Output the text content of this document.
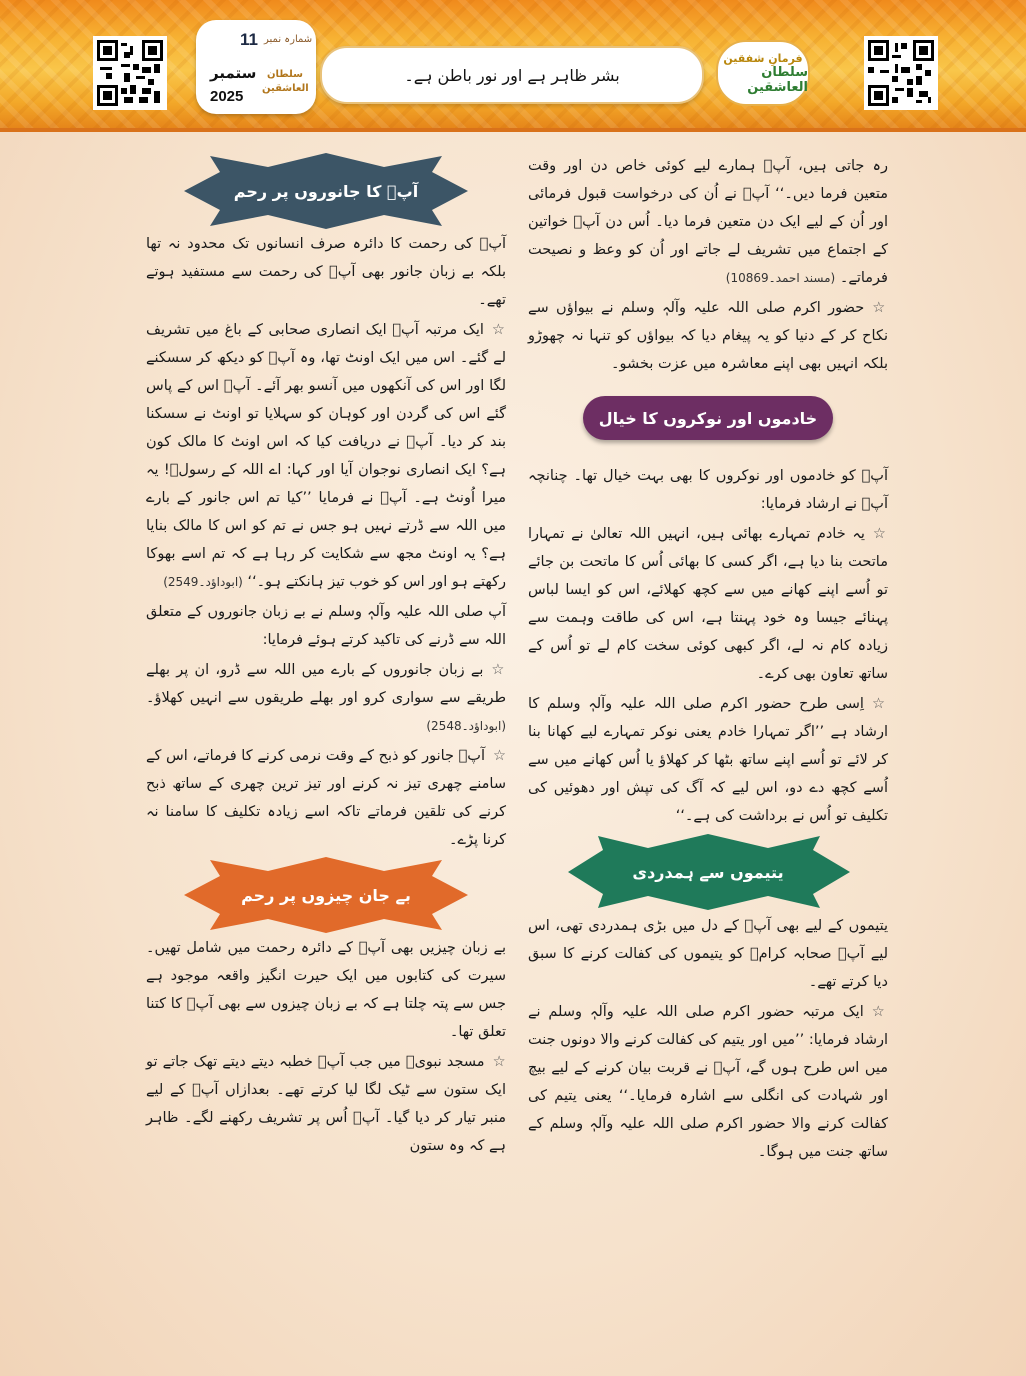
11 شمارہ نمبر
ستمبر
2025
سلطان العاشقین
بشر ظاہر ہے اور نور باطن ہے۔
فرمانِ شفقین
سلطان العاشقین

رہ جاتی ہیں، آپؐ ہمارے لیے کوئی خاص دن اور وقت متعین فرما دیں۔‘‘ آپؐ نے اُن کی درخواست قبول فرمائی اور اُن کے لیے ایک دن متعین فرما دیا۔ اُس دن آپؐ خواتین کے اجتماع میں تشریف لے جاتے اور اُن کو وعظ و نصیحت فرماتے۔ (مسند احمد۔10869)

☆حضور اکرم صلی اللہ علیہ وآلہٖ وسلم نے بیواؤں سے نکاح کر کے دنیا کو یہ پیغام دیا کہ بیواؤں کو تنہا نہ چھوڑو بلکہ انہیں بھی اپنے معاشرہ میں عزت بخشو۔

خادموں اور نوکروں کا خیال

آپؐ کو خادموں اور نوکروں کا بھی بہت خیال تھا۔ چنانچہ آپؐ نے ارشاد فرمایا:

☆یہ خادم تمہارے بھائی ہیں، انہیں اللہ تعالیٰ نے تمہارا ماتحت بنا دیا ہے، اگر کسی کا بھائی اُس کا ماتحت بن جائے تو اُسے اپنے کھانے میں سے کچھ کھلائے، اس کو ایسا لباس پہنائے جیسا وہ خود پہنتا ہے، اس کی طاقت وہمت سے زیادہ کام نہ لے، اگر کبھی کوئی سخت کام لے تو اُس کے ساتھ تعاون بھی کرے۔

☆اِسی طرح حضور اکرم صلی اللہ علیہ وآلہٖ وسلم کا ارشاد ہے ’’اگر تمہارا خادم یعنی نوکر تمہارے لیے کھانا بنا کر لائے تو اُسے اپنے ساتھ بٹھا کر کھلاؤ یا اُس کھانے میں سے اُسے کچھ دے دو، اس لیے کہ آگ کی تپش اور دھوئیں کی تکلیف تو اُس نے برداشت کی ہے۔‘‘

یتیموں سے ہمدردی

یتیموں کے لیے بھی آپؐ کے دل میں بڑی ہمدردی تھی، اس لیے آپؐ صحابہ کرامؓ کو یتیموں کی کفالت کرنے کا سبق دیا کرتے تھے۔

☆ایک مرتبہ حضور اکرم صلی اللہ علیہ وآلہٖ وسلم نے ارشاد فرمایا: ’’میں اور یتیم کی کفالت کرنے والا دونوں جنت میں اس طرح ہوں گے، آپؐ نے قربت بیان کرنے کے لیے بیچ اور شہادت کی انگلی سے اشارہ فرمایا۔‘‘ یعنی یتیم کی کفالت کرنے والا حضور اکرم صلی اللہ علیہ وآلہٖ وسلم کے ساتھ جنت میں ہوگا۔

آپؐ کا جانوروں پر رحم

آپؐ کی رحمت کا دائرہ صرف انسانوں تک محدود نہ تھا بلکہ بے زبان جانور بھی آپؐ کی رحمت سے مستفید ہوتے تھے۔

☆ایک مرتبہ آپؐ ایک انصاری صحابی کے باغ میں تشریف لے گئے۔ اس میں ایک اونٹ تھا، وہ آپؐ کو دیکھ کر سسکنے لگا اور اس کی آنکھوں میں آنسو بھر آئے۔ آپؐ اس کے پاس گئے اس کی گردن اور کوہان کو سہلایا تو اونٹ نے سسکنا بند کر دیا۔ آپؐ نے دریافت کیا کہ اس اونٹ کا مالک کون ہے؟ ایک انصاری نوجوان آیا اور کہا: اے اللہ کے رسولؐ! یہ میرا اُونٹ ہے۔ آپؐ نے فرمایا ’’کیا تم اس جانور کے بارے میں اللہ سے ڈرتے نہیں ہو جس نے تم کو اس کا مالک بنایا ہے؟ یہ اونٹ مجھ سے شکایت کر رہا ہے کہ تم اسے بھوکا رکھتے ہو اور اس کو خوب تیز ہانکتے ہو۔‘‘ (ابوداؤد۔2549)

آپ صلی اللہ علیہ وآلہٖ وسلم نے بے زبان جانوروں کے متعلق اللہ سے ڈرنے کی تاکید کرتے ہوئے فرمایا:

☆بے زبان جانوروں کے بارے میں اللہ سے ڈرو، ان پر بھلے طریقے سے سواری کرو اور بھلے طریقوں سے انہیں کھلاؤ۔ (ابوداؤد۔2548)

☆آپؐ جانور کو ذبح کے وقت نرمی کرنے کا فرماتے، اس کے سامنے چھری تیز نہ کرنے اور تیز ترین چھری کے ساتھ ذبح کرنے کی تلقین فرماتے تاکہ اسے زیادہ تکلیف کا سامنا نہ کرنا پڑے۔

بے جان چیزوں پر رحم

بے زبان چیزیں بھی آپؐ کے دائرہ رحمت میں شامل تھیں۔ سیرت کی کتابوں میں ایک حیرت انگیز واقعہ موجود ہے جس سے پتہ چلتا ہے کہ بے زبان چیزوں سے بھی آپؐ کا کتنا تعلق تھا۔

☆مسجد نبویؐ میں جب آپؐ خطبہ دیتے دیتے تھک جاتے تو ایک ستون سے ٹیک لگا لیا کرتے تھے۔ بعدازاں آپؐ کے لیے منبر تیار کر دیا گیا۔ آپؐ اُس پر تشریف رکھنے لگے۔ ظاہر ہے کہ وہ ستون
